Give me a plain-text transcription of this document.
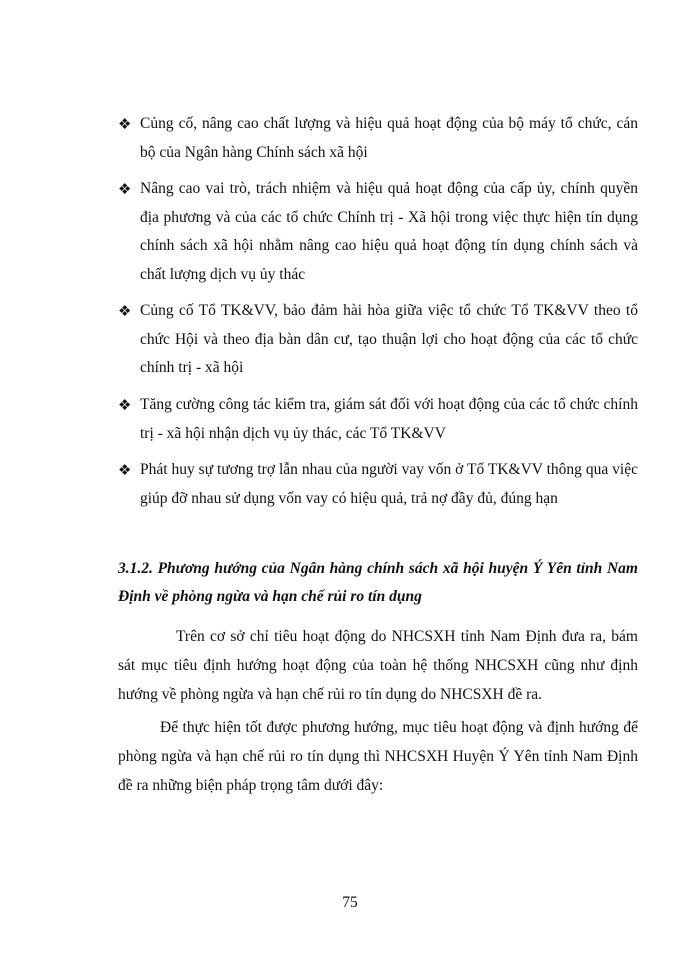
❖ Củng cố, nâng cao chất lượng và hiệu quả hoạt động của bộ máy tổ chức, cán bộ của Ngân hàng Chính sách xã hội
❖ Nâng cao vai trò, trách nhiệm và hiệu quả hoạt động của cấp ủy, chính quyền địa phương và của các tổ chức Chính trị - Xã hội trong việc thực hiện tín dụng chính sách xã hội nhằm nâng cao hiệu quả hoạt động tín dụng chính sách và chất lượng dịch vụ ủy thác
❖ Củng cố Tổ TK&VV, bảo đảm hài hòa giữa việc tổ chức Tổ TK&VV theo tổ chức Hội và theo địa bàn dân cư, tạo thuận lợi cho hoạt động của các tổ chức chính trị - xã hội
❖ Tăng cường công tác kiểm tra, giám sát đối với hoạt động của các tổ chức chính trị - xã hội nhận dịch vụ ủy thác, các Tổ TK&VV
❖ Phát huy sự tương trợ lẫn nhau của người vay vốn ở Tổ TK&VV thông qua việc giúp đỡ nhau sử dụng vốn vay có hiệu quả, trả nợ đầy đủ, đúng hạn
3.1.2. Phương hướng của Ngân hàng chính sách xã hội huyện Ý Yên tỉnh Nam Định về phòng ngừa và hạn chế rủi ro tín dụng
Trên cơ sở chỉ tiêu hoạt động do NHCSXH tỉnh Nam Định đưa ra, bám sát mục tiêu định hướng hoạt động của toàn hệ thống NHCSXH cũng như định hướng về phòng ngừa và hạn chế rủi ro tín dụng do NHCSXH đề ra.
Để thực hiện tốt được phương hướng, mục tiêu hoạt động và định hướng để phòng ngừa và hạn chế rủi ro tín dụng thì NHCSXH Huyện Ý Yên tỉnh Nam Định đề ra những biện pháp trọng tâm dưới đây:
75
